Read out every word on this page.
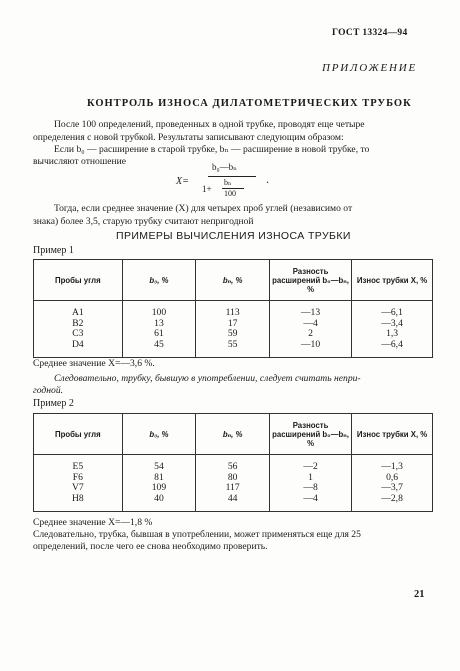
ГОСТ 13324—94
ПРИЛОЖЕНИЕ
КОНТРОЛЬ ИЗНОСА ДИЛАТОМЕТРИЧЕСКИХ ТРУБОК
После 100 определений, проведенных в одной трубке, проводят еще четыре
определения с новой трубкой. Результаты записывают следующим образом:
Если b₀ — расширение в старой трубке, bₙ — расширение в новой трубке, то
вычисляют отношение
X=
b₀—bₙ
1+
bₙ
100
.
Тогда, если среднее значение (X) для четырех проб углей (независимо от
знака) более 3,5, старую трубку считают непригодной
ПРИМЕРЫ ВЫЧИСЛЕНИЯ ИЗНОСА ТРУБКИ
Пример 1
Пробы угля	b₀, %	bₙ, %	Разность расширений b₀—bₙ, %	Износ трубки X, %

A1	100	113	—13	—6,1
B2	13	17	—4	—3,4
C3	61	59	2	1,3
D4	45	55	—10	—6,4

Среднее значение X=—3,6 %.
Следовательно, трубку, бывшую в употреблении, следует считать непри-
годной.
Пример 2
Пробы угля	b₀, %	bₙ, %	Разность расширений b₀—bₙ, %	Износ трубки X, %

E5	54	56	—2	—1,3
F6	81	80	1	0,6
V7	109	117	—8	—3,7
H8	40	44	—4	—2,8

Среднее значение X=—1,8 %
Следовательно, трубка, бывшая в употреблении, может применяться еще для 25
определений, после чего ее снова необходимо проверить.
21
